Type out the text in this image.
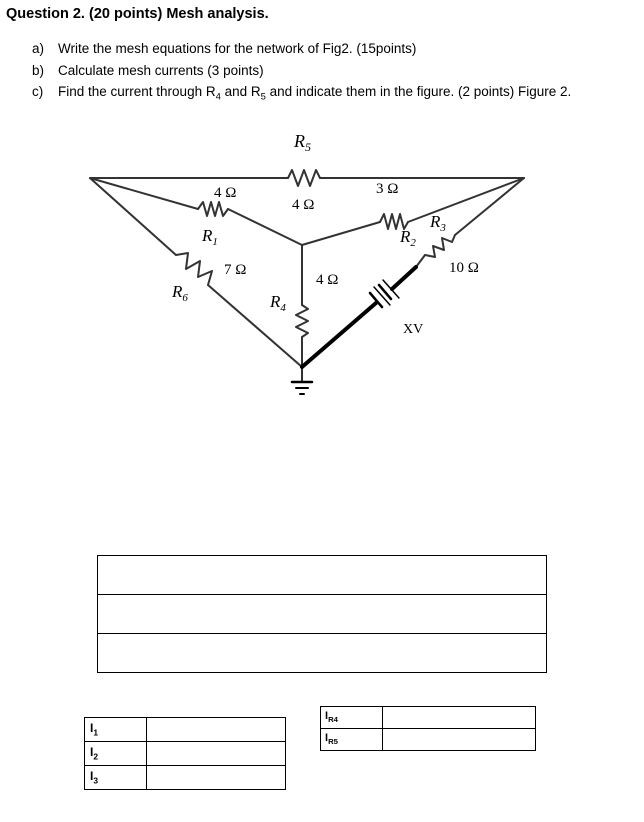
Question 2. (20 points) Mesh analysis.
a) Write the mesh equations for the network of Fig2. (15points)
b) Calculate mesh currents (3 points)
c) Find the current through $R_4$ and $R_5$ and indicate them in the figure. (2 points) Figure 2.
$R_5$
4 Ω
4 Ω
$R_1$
7 Ω
$R_6$
4 Ω
$R_4$
3 Ω
$R_2$
$R_3$
10 Ω
XV

$I_1$	
$I_2$	
$I_3$	
$I_{R4}$	
$I_{R5}$	
